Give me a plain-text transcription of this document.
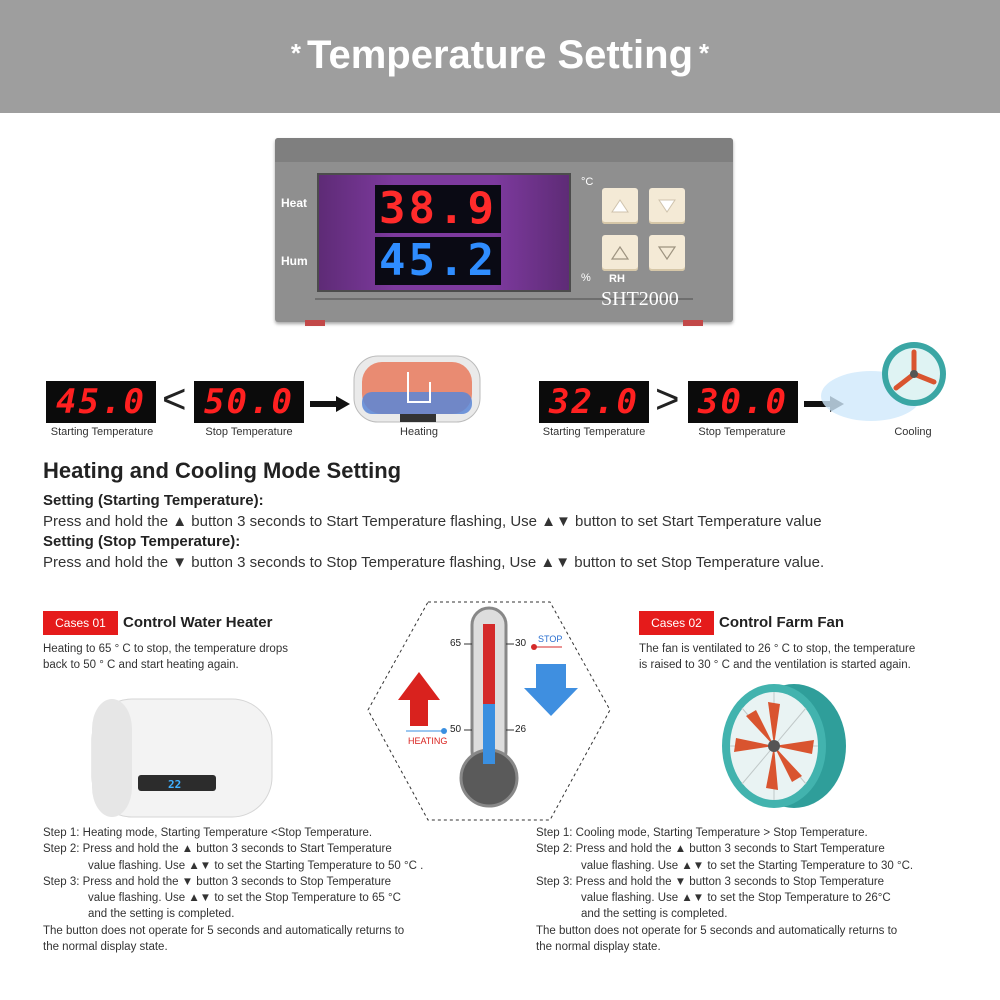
* Temperature Setting *
Heat
Hum
38.9
45.2
°C
% RH
SHT2000
45.0
Starting Temperature
< 50.0
Stop Temperature	Heating
32.0
Starting Temperature
> 30.0
Stop Temperature	Cooling
Heating and Cooling Mode Setting
Setting (Starting Temperature):
Press and hold the ▲ button 3 seconds to Start Temperature flashing, Use ▲▼ button to set Start Temperature value
Setting (Stop Temperature):
Press and hold the ▼ button 3 seconds to Stop Temperature flashing, Use ▲▼ button to set Stop Temperature value.
Cases 01	Control Water Heater
Heating to 65 ° C to stop, the temperature drops
back to 50 ° C and start heating again.
22
Step 1: Heating mode, Starting Temperature <Stop Temperature.
Step 2: Press and hold the ▲ button 3 seconds to Start Temperature
value flashing. Use ▲▼ to set the Starting Temperature to 50 °C .
Step 3: Press and hold the ▼ button 3 seconds to Stop Temperature
value flashing. Use ▲▼ to set the Stop Temperature to 65 °C
and the setting is completed.
The button does not operate for 5 seconds and automatically returns to
the normal display state.
65
50
30
26
STOP
HEATING
Cases 02	Control Farm Fan
The fan is ventilated to 26 ° C to stop, the temperature
is raised to 30 ° C and the ventilation is started again.
Step 1: Cooling mode, Starting Temperature > Stop Temperature.
Step 2: Press and hold the ▲ button 3 seconds to Start Temperature
value flashing. Use ▲▼ to set the Starting Temperature to 30 °C.
Step 3: Press and hold the ▼ button 3 seconds to Stop Temperature
value flashing. Use ▲▼ to set the Stop Temperature to 26°C
and the setting is completed.
The button does not operate for 5 seconds and automatically returns to
the normal display state.
